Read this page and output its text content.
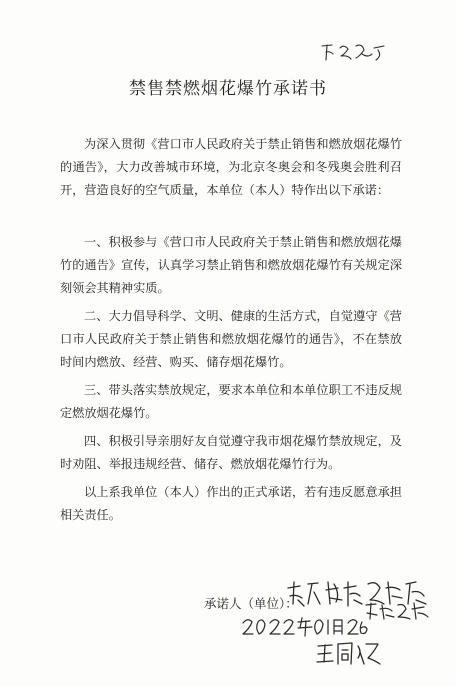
禁售禁燃烟花爆竹承诺书

为深入贯彻《营口市人民政府关于禁止销售和燃放烟花爆竹的通告》，大力改善城市环境，为北京冬奥会和冬残奥会胜利召开，营造良好的空气质量，本单位（本人）特作出以下承诺：

一、积极参与《营口市人民政府关于禁止销售和燃放烟花爆竹的通告》宣传，认真学习禁止销售和燃放烟花爆竹有关规定深刻领会其精神实质。

二、大力倡导科学、文明、健康的生活方式，自觉遵守《营口市人民政府关于禁止销售和燃放烟花爆竹的通告》，不在禁放时间内燃放、经营、购买、储存烟花爆竹。

三、带头落实禁放规定，要求本单位和本单位职工不违反规定燃放烟花爆竹。

四、积极引导亲朋好友自觉遵守我市烟花爆竹禁放规定，及时劝阻、举报违规经营、储存、燃放烟花爆竹行为。

以上系我单位（本人）作出的正式承诺，若有违反愿意承担相关责任。

承诺人（单位）：
